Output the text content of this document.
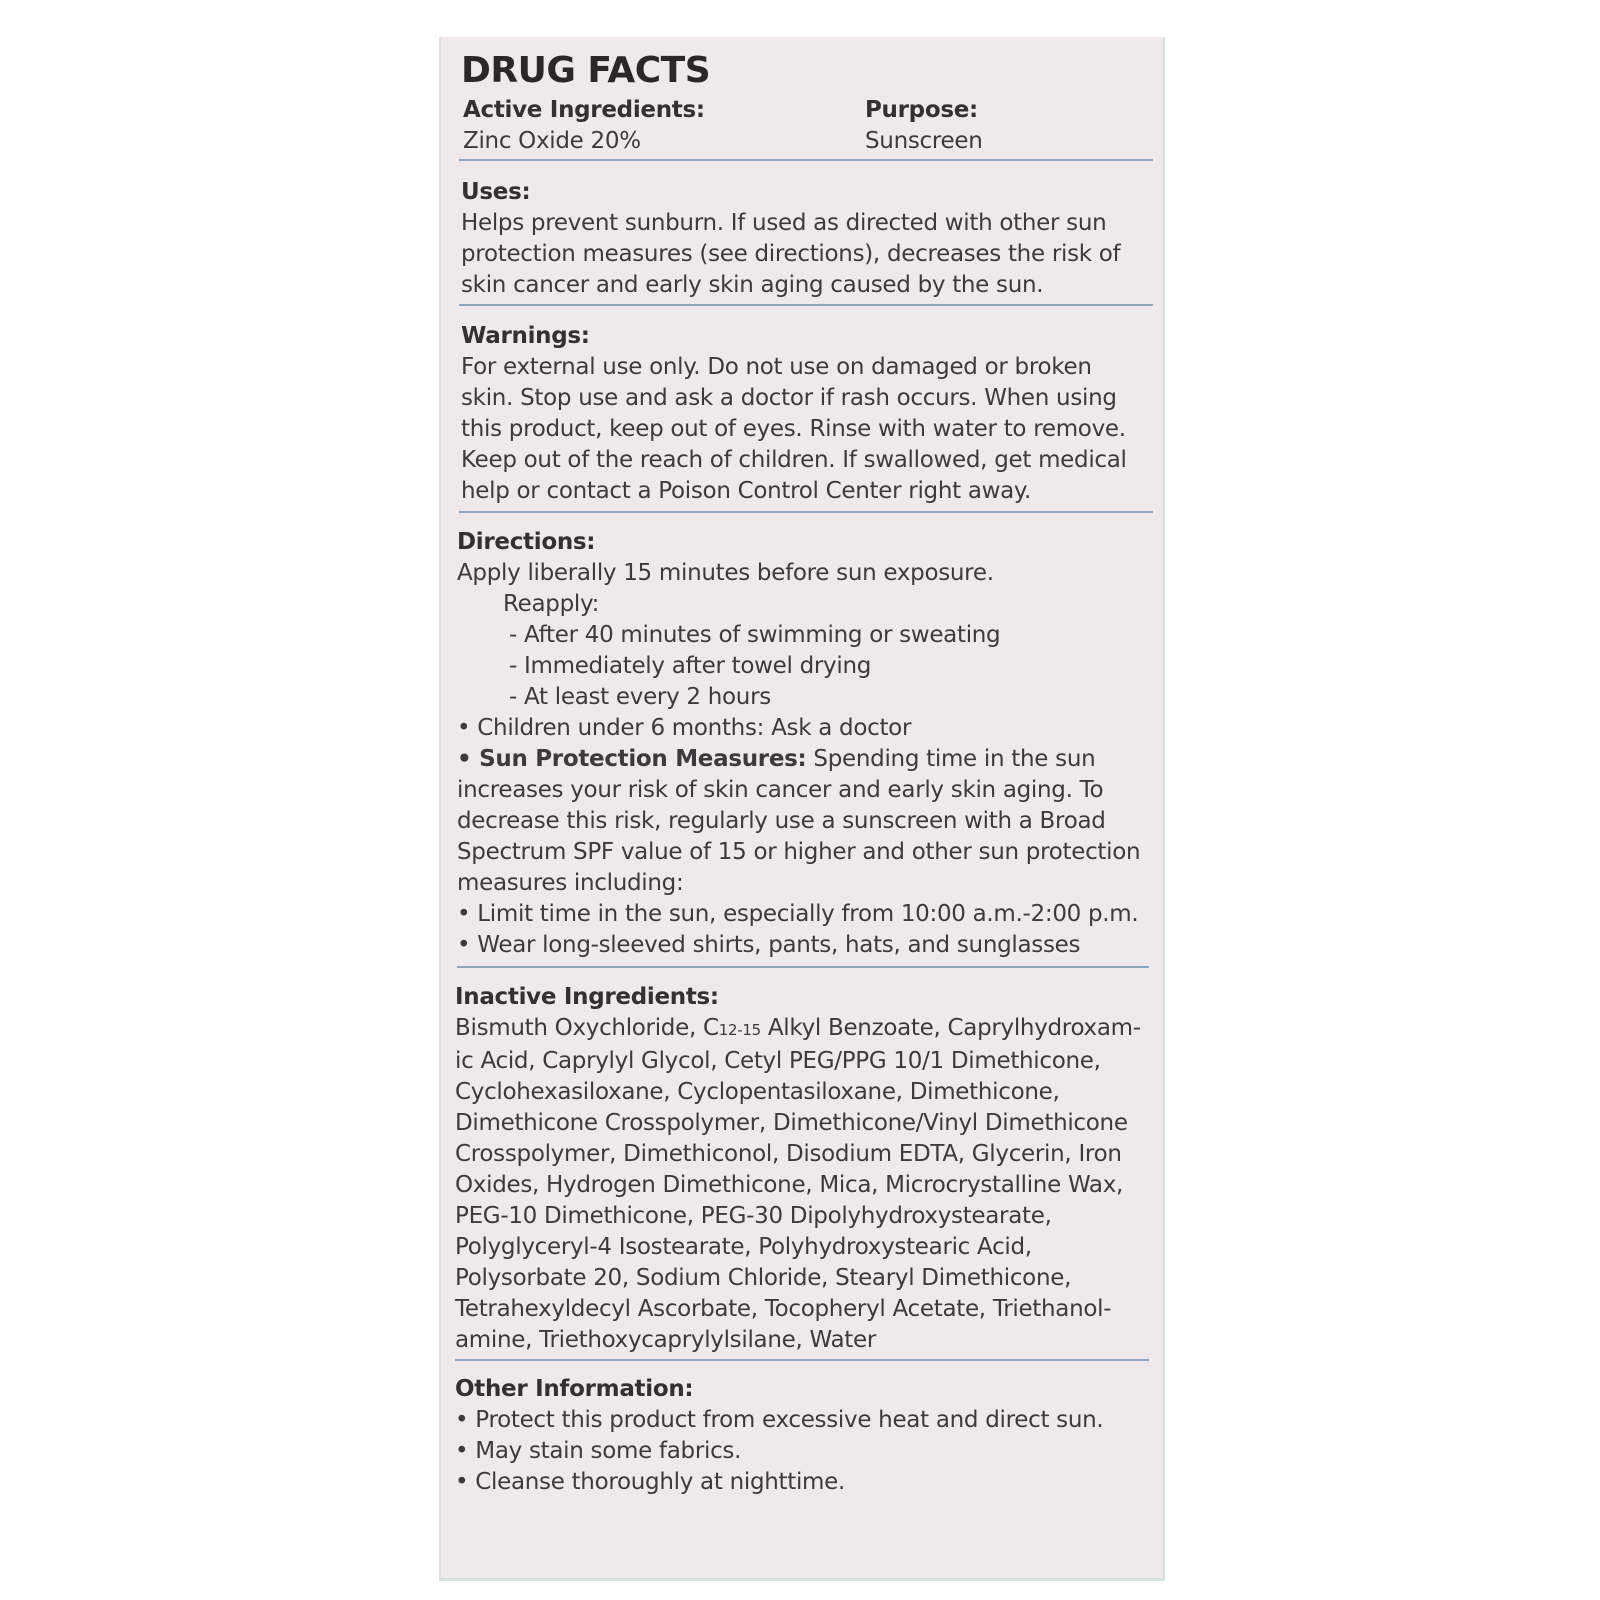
DRUG FACTS
Active Ingredients:
Zinc Oxide 20%
Purpose:
Sunscreen
Uses:
Helps prevent sunburn. If used as directed with other sun
protection measures (see directions), decreases the risk of
skin cancer and early skin aging caused by the sun.
Warnings:
For external use only. Do not use on damaged or broken
skin. Stop use and ask a doctor if rash occurs. When using
this product, keep out of eyes. Rinse with water to remove.
Keep out of the reach of children. If swallowed, get medical
help or contact a Poison Control Center right away.
Directions:
Apply liberally 15 minutes before sun exposure.
Reapply:
- After 40 minutes of swimming or sweating
- Immediately after towel drying
- At least every 2 hours
• Children under 6 months: Ask a doctor
• Sun Protection Measures: Spending time in the sun
increases your risk of skin cancer and early skin aging. To
decrease this risk, regularly use a sunscreen with a Broad
Spectrum SPF value of 15 or higher and other sun protection
measures including:
• Limit time in the sun, especially from 10:00 a.m.-2:00 p.m.
• Wear long-sleeved shirts, pants, hats, and sunglasses
Inactive Ingredients:
Bismuth Oxychloride, C12-15 Alkyl Benzoate, Caprylhydroxam-
ic Acid, Caprylyl Glycol, Cetyl PEG/PPG 10/1 Dimethicone,
Cyclohexasiloxane, Cyclopentasiloxane, Dimethicone,
Dimethicone Crosspolymer, Dimethicone/Vinyl Dimethicone
Crosspolymer, Dimethiconol, Disodium EDTA, Glycerin, Iron
Oxides, Hydrogen Dimethicone, Mica, Microcrystalline Wax,
PEG-10 Dimethicone, PEG-30 Dipolyhydroxystearate,
Polyglyceryl-4 Isostearate, Polyhydroxystearic Acid,
Polysorbate 20, Sodium Chloride, Stearyl Dimethicone,
Tetrahexyldecyl Ascorbate, Tocopheryl Acetate, Triethanol-
amine, Triethoxycaprylylsilane, Water
Other Information:
• Protect this product from excessive heat and direct sun.
• May stain some fabrics.
• Cleanse thoroughly at nighttime.
